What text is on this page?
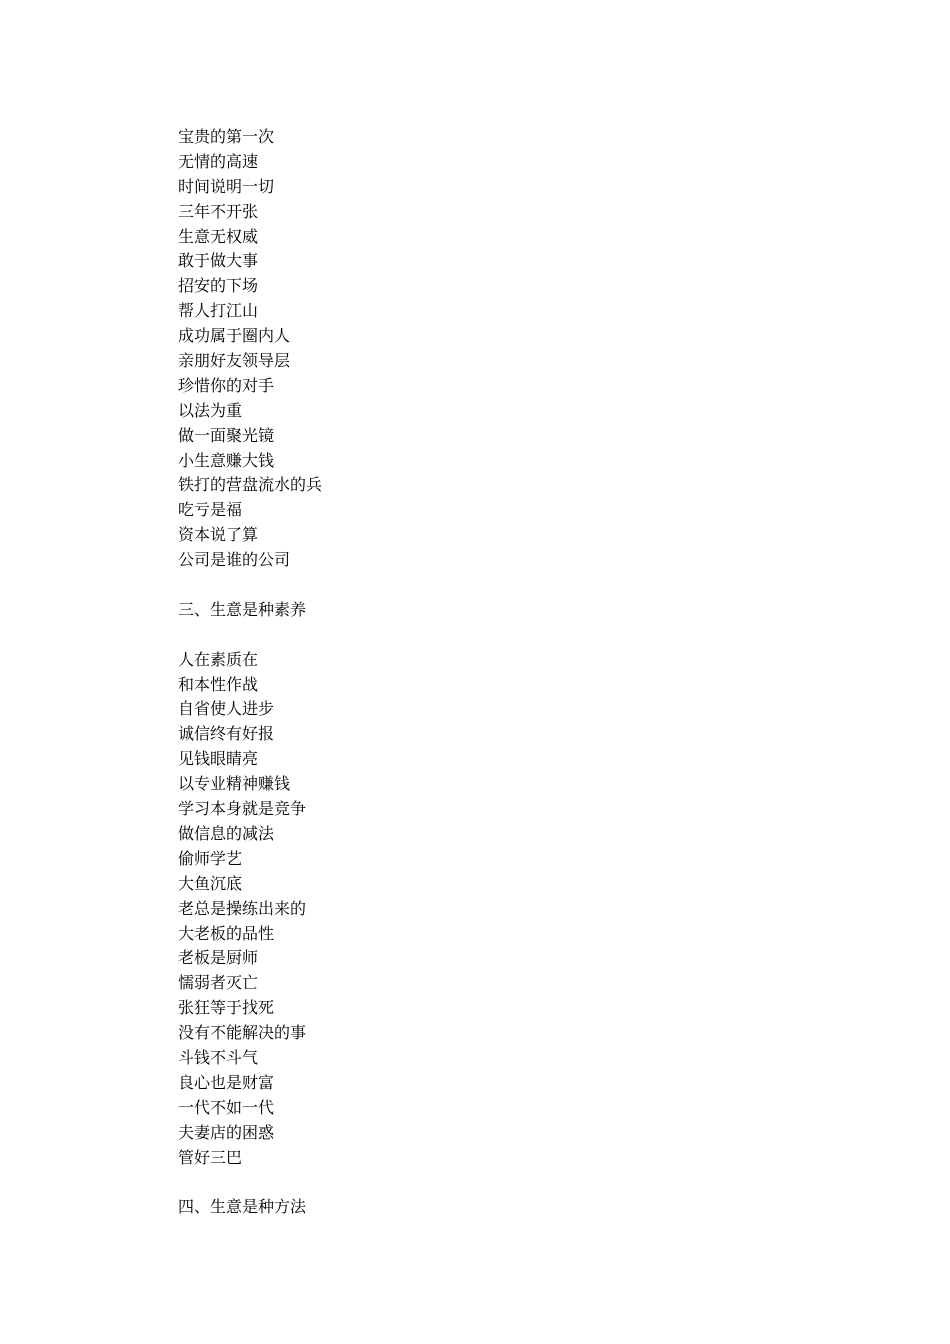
宝贵的第一次
无情的高速
时间说明一切
三年不开张
生意无权威
敢于做大事
招安的下场
帮人打江山
成功属于圈内人
亲朋好友领导层
珍惜你的对手
以法为重
做一面聚光镜
小生意赚大钱
铁打的营盘流水的兵
吃亏是福
资本说了算
公司是谁的公司
三、生意是种素养
人在素质在
和本性作战
自省使人进步
诚信终有好报
见钱眼睛亮
以专业精神赚钱
学习本身就是竞争
做信息的减法
偷师学艺
大鱼沉底
老总是操练出来的
大老板的品性
老板是厨师
懦弱者灭亡
张狂等于找死
没有不能解决的事
斗钱不斗气
良心也是财富
一代不如一代
夫妻店的困惑
管好三巴
四、生意是种方法
